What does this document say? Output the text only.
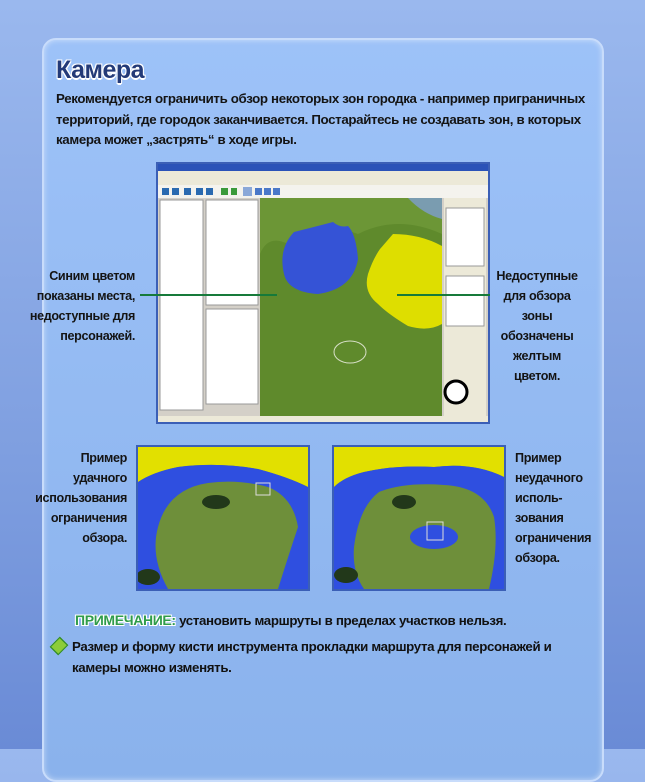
Камера
Рекомендуется ограничить обзор некоторых зон городка - например приграничных территорий, где городок заканчивается. Постарайтесь не создавать зон, в которых камера может „застрять“ в ходе игры.
Синим цветом
показаны места,
недоступные для
персонажей.
Недоступные
для обзора зоны
обозначены
желтым цветом.
Пример
удачного
использования
ограничения
обзора.
Пример
неудачного
исполь-
зования
ограничения
обзора.
ПРИМЕЧАНИЕ: установить маршруты в пределах участков нельзя.
Размер и форму кисти инструмента прокладки маршрута для персонажей и камеры можно изменять.
